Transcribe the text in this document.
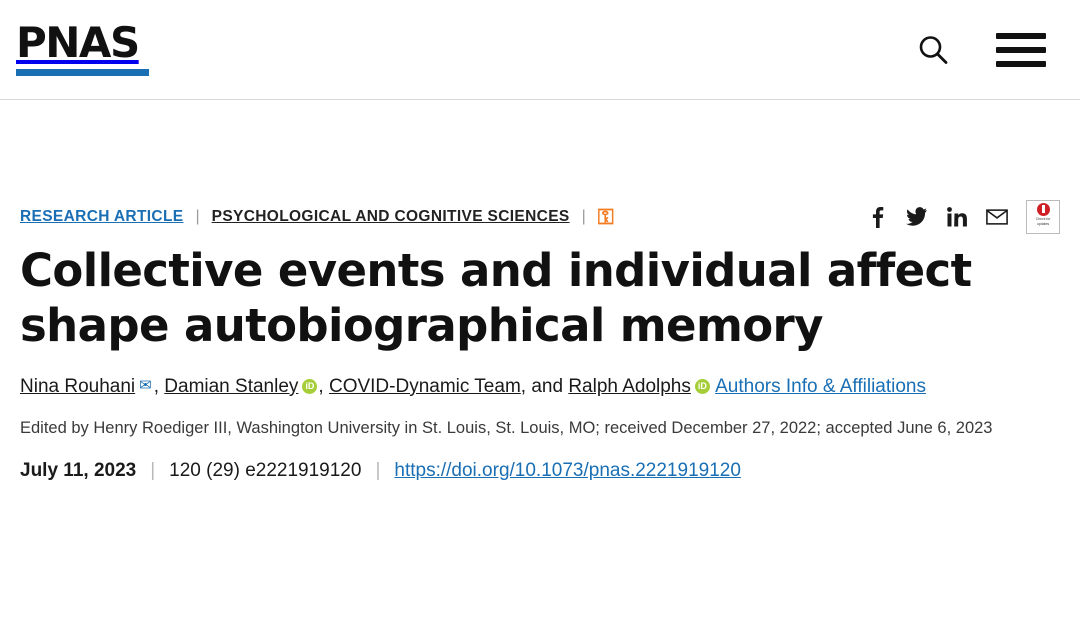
PNAS
RESEARCH ARTICLE | PSYCHOLOGICAL AND COGNITIVE SCIENCES | ⚿	Check for
updates
Collective events and individual affect shape autobiographical memory
Nina Rouhani ✉ , Damian Stanley iD , COVID-Dynamic Team, and Ralph Adolphs iD Authors Info & Affiliations
Edited by Henry Roediger III, Washington University in St. Louis, St. Louis, MO; received December 27, 2022; accepted June 6, 2023
July 11, 2023 | 120 (29) e2221919120 | https://doi.org/10.1073/pnas.2221919120
